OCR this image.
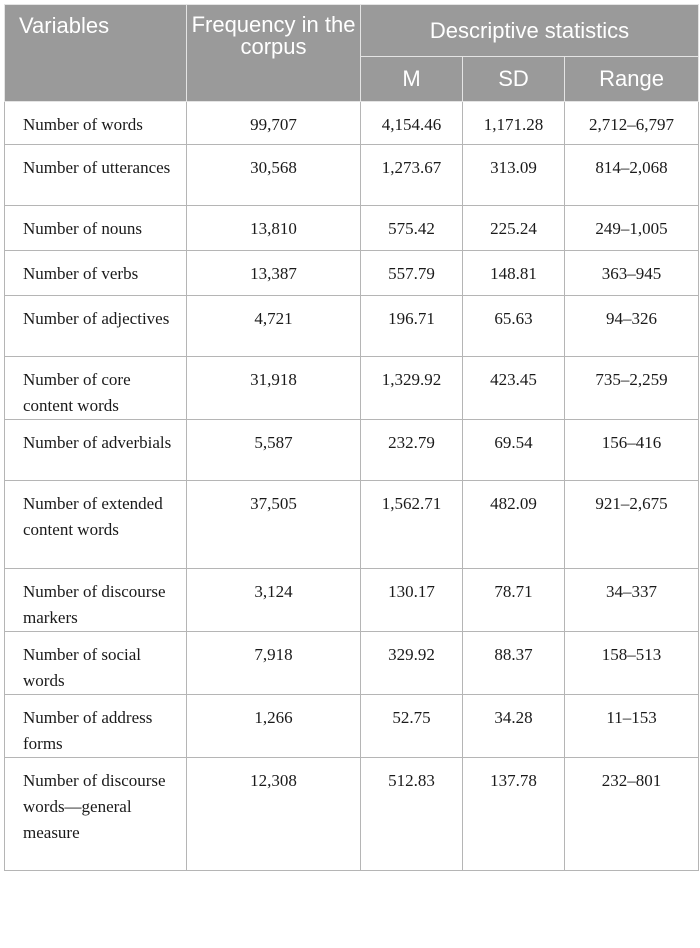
Variables	Frequency in the corpus	Descriptive statistics		
		M	SD	Range
Number of words	99,707	4,154.46	1,171.28	2,712–6,797
Number of utterances	30,568	1,273.67	313.09	814–2,068
Number of nouns	13,810	575.42	225.24	249–1,005
Number of verbs	13,387	557.79	148.81	363–945
Number of adjectives	4,721	196.71	65.63	94–326
Number of core content words	31,918	1,329.92	423.45	735–2,259
Number of adverbials	5,587	232.79	69.54	156–416
Number of extended content words	37,505	1,562.71	482.09	921–2,675
Number of discourse markers	3,124	130.17	78.71	34–337
Number of social words	7,918	329.92	88.37	158–513
Number of address forms	1,266	52.75	34.28	11–153
Number of discourse words—general measure	12,308	512.83	137.78	232–801
